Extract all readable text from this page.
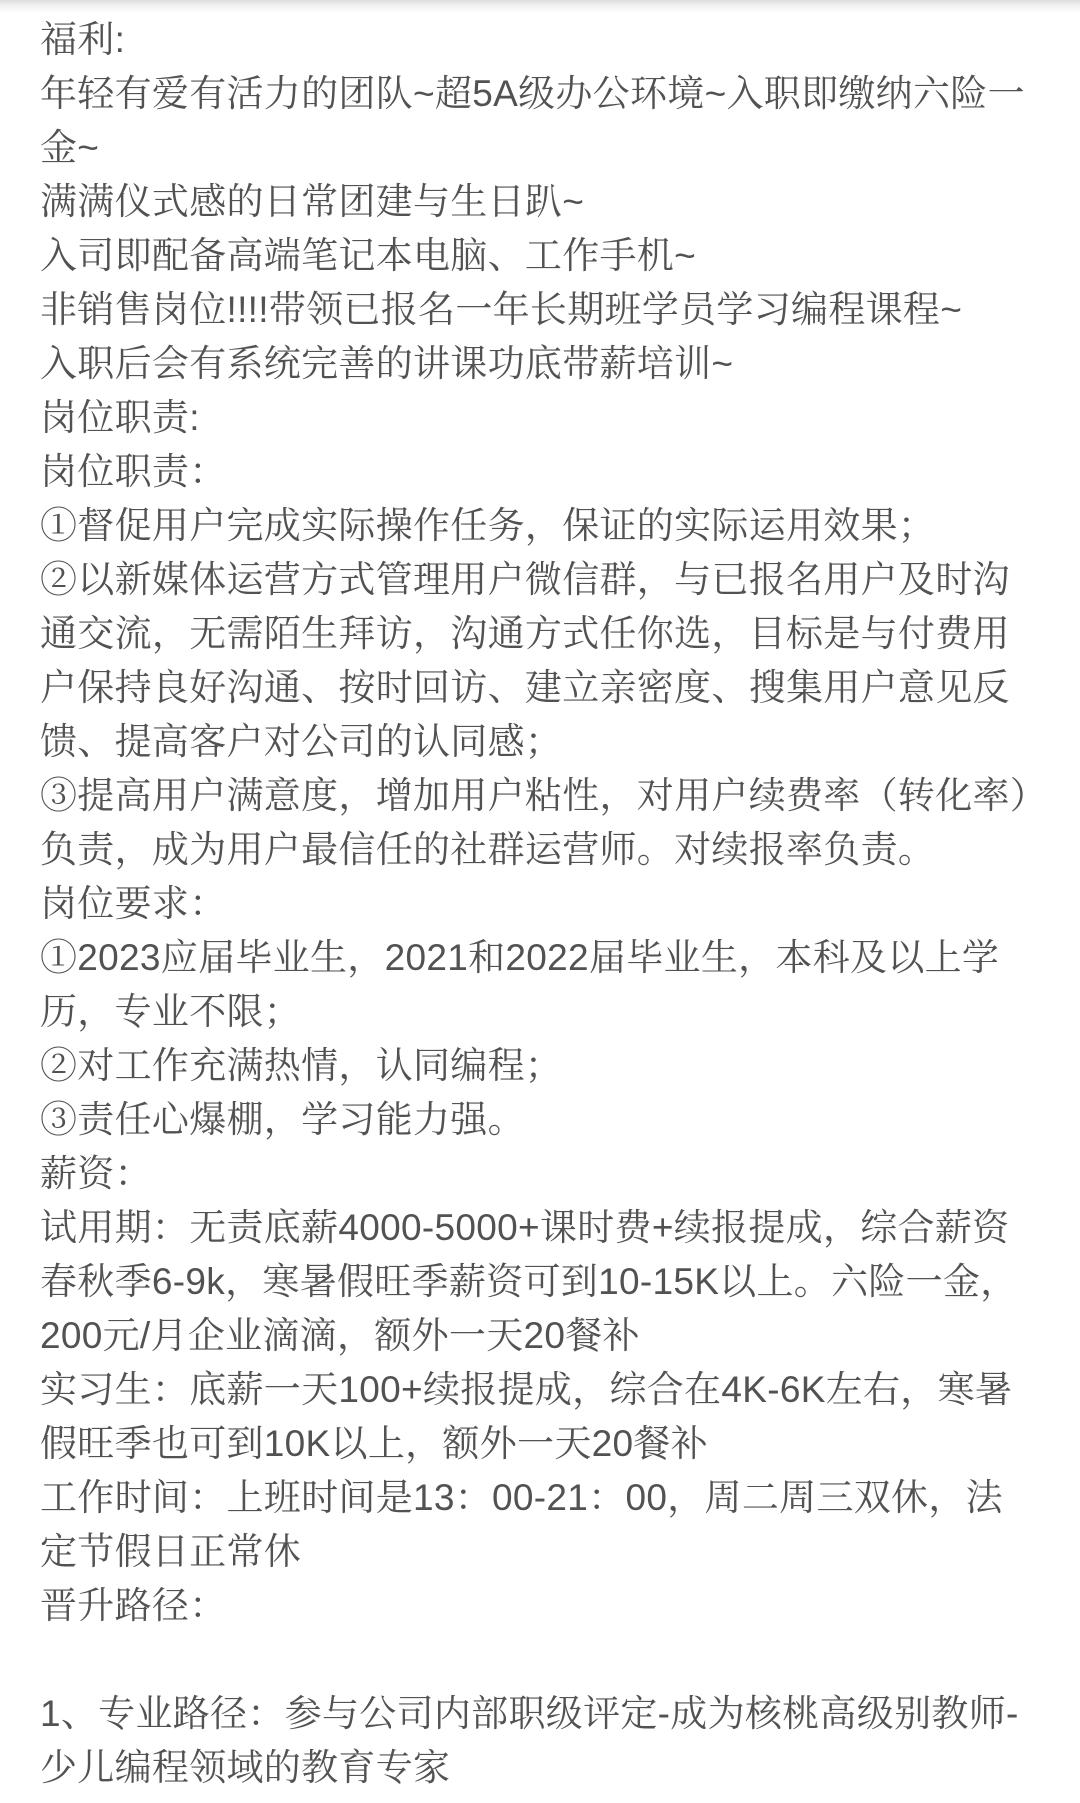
福利:

年轻有爱有活力的团队~超5A级办公环境~入职即缴纳六险一金~

满满仪式感的日常团建与生日趴~

入司即配备高端笔记本电脑、工作手机~

非销售岗位!!!!带领已报名一年长期班学员学习编程课程~

入职后会有系统完善的讲课功底带薪培训~

岗位职责:

岗位职责：

①督促用户完成实际操作任务，保证的实际运用效果；

②以新媒体运营方式管理用户微信群，与已报名用户及时沟通交流，无需陌生拜访，沟通方式任你选，目标是与付费用户保持良好沟通、按时回访、建立亲密度、搜集用户意见反馈、提高客户对公司的认同感；

③提高用户满意度，增加用户粘性，对用户续费率（转化率）负责，成为用户最信任的社群运营师。对续报率负责。

岗位要求：

①2023应届毕业生，2021和2022届毕业生，本科及以上学历，专业不限；

②对工作充满热情，认同编程；

③责任心爆棚，学习能力强。

薪资：

试用期：无责底薪4000-5000+课时费+续报提成，综合薪资春秋季6-9k，寒暑假旺季薪资可到10-15K以上。六险一金，200元/月企业滴滴，额外一天20餐补

实习生：底薪一天100+续报提成，综合在4K-6K左右，寒暑假旺季也可到10K以上，额外一天20餐补

工作时间：上班时间是13：00-21：00，周二周三双休，法定节假日正常休

晋升路径：

1、专业路径：参与公司内部职级评定-成为核桃高级别教师-少儿编程领域的教育专家
